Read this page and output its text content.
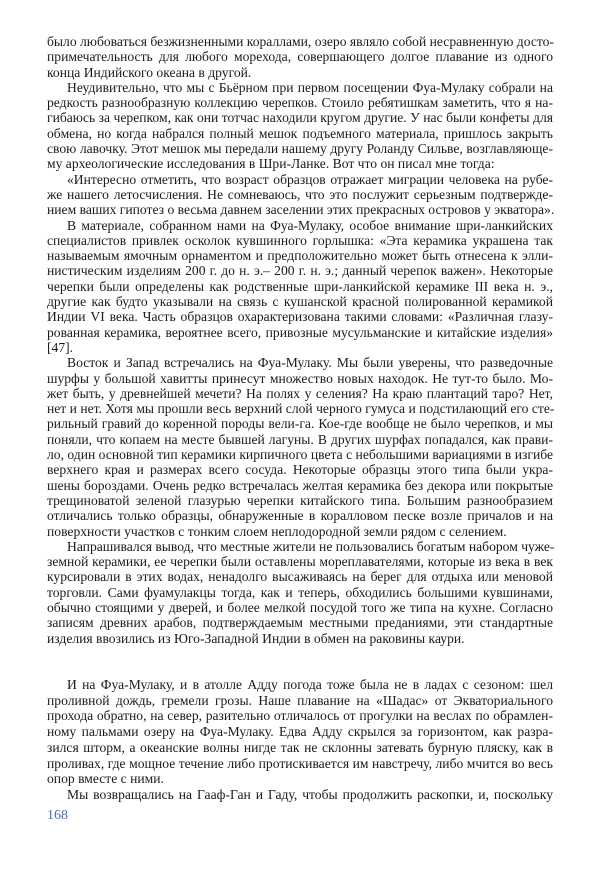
было любоваться безжизненными кораллами, озеро являло собой несравненную досто-
примечательность для любого морехода, совершающего долгое плавание из одного
конца Индийского океана в другой.
Неудивительно, что мы с Бьёрном при первом посещении Фуа-Мулаку собрали на
редкость разнообразную коллекцию черепков. Стоило ребятишкам заметить, что я на-
гибаюсь за черепком, как они тотчас находили кругом другие. У нас были конфеты для
обмена, но когда набрался полный мешок подъемного материала, пришлось закрыть
свою лавочку. Этот мешок мы передали нашему другу Роланду Сильве, возглавляюще-
му археологические исследования в Шри-Ланке. Вот что он писал мне тогда:
«Интересно отметить, что возраст образцов отражает миграции человека на рубе-
же нашего летосчисления. Не сомневаюсь, что это послужит серьезным подтвержде-
нием ваших гипотез о весьма давнем заселении этих прекрасных островов у экватора».
В материале, собранном нами на Фуа-Мулаку, особое внимание шри-ланкийских
специалистов привлек осколок кувшинного горлышка: «Эта керамика украшена так
называемым ямочным орнаментом и предположительно может быть отнесена к элли-
нистическим изделиям 200 г. до н. э.– 200 г. н. э.; данный черепок важен». Некоторые
черепки были определены как родственные шри-ланкийской керамике III века н. э.,
другие как будто указывали на связь с кушанской красной полированной керамикой
Индии VI века. Часть образцов охарактеризована такими словами: «Различная глазу-
рованная керамика, вероятнее всего, привозные мусульманские и китайские изделия»
[47].
Восток и Запад встречались на Фуа-Мулаку. Мы были уверены, что разведочные
шурфы у большой хавитты принесут множество новых находок. Не тут-то было. Мо-
жет быть, у древнейшей мечети? На полях у селения? На краю плантаций таро? Нет,
нет и нет. Хотя мы прошли весь верхний слой черного гумуса и подстилающий его сте-
рильный гравий до коренной породы вели-га. Кое-где вообще не было черепков, и мы
поняли, что копаем на месте бывшей лагуны. В других шурфах попадался, как прави-
ло, один основной тип керамики кирпичного цвета с небольшими вариациями в изгибе
верхнего края и размерах всего сосуда. Некоторые образцы этого типа были укра-
шены бороздами. Очень редко встречалась желтая керамика без декора или покрытые
трещиноватой зеленой глазурью черепки китайского типа. Большим разнообразием
отличались только образцы, обнаруженные в коралловом песке возле причалов и на
поверхности участков с тонким слоем неплодородной земли рядом с селением.
Напрашивался вывод, что местные жители не пользовались богатым набором чуже-
земной керамики, ее черепки были оставлены мореплавателями, которые из века в век
курсировали в этих водах, ненадолго высаживаясь на берег для отдыха или меновой
торговли. Сами фуамулакцы тогда, как и теперь, обходились большими кувшинами,
обычно стоящими у дверей, и более мелкой посудой того же типа на кухне. Согласно
записям древних арабов, подтверждаемым местными преданиями, эти стандартные
изделия ввозились из Юго-Западной Индии в обмен на раковины каури.
И на Фуа-Мулаку, и в атолле Адду погода тоже была не в ладах с сезоном: шел
проливной дождь, гремели грозы. Наше плавание на «Шадас» от Экваториального
прохода обратно, на север, разительно отличалось от прогулки на веслах по обрамлен-
ному пальмами озеру на Фуа-Мулаку. Едва Адду скрылся за горизонтом, как разра-
зился шторм, а океанские волны нигде так не склонны затевать бурную пляску, как в
проливах, где мощное течение либо протискивается им навстречу, либо мчится во весь
опор вместе с ними.
Мы возвращались на Гааф-Ган и Гаду, чтобы продолжить раскопки, и, поскольку
168
